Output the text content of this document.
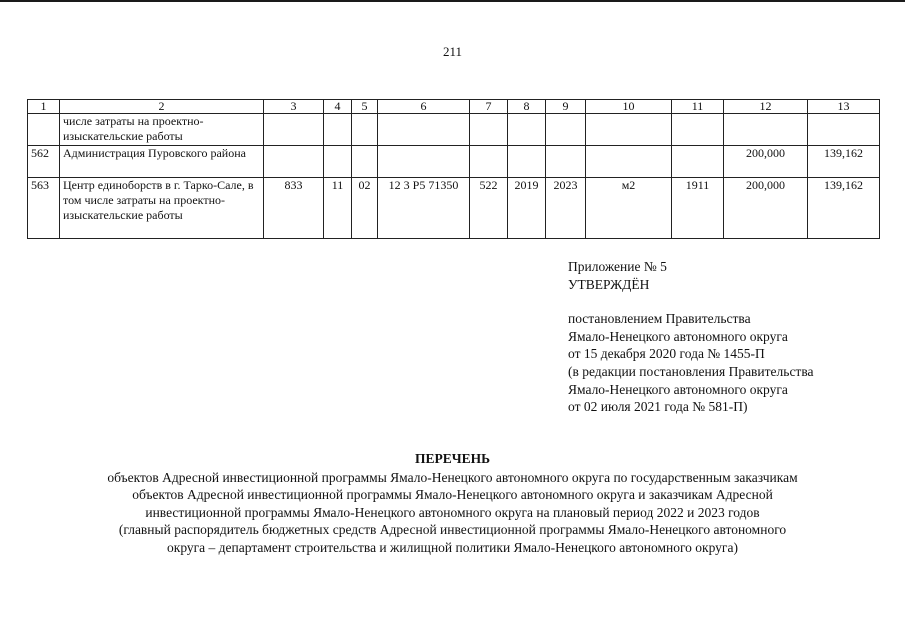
211
1	2	3	4	5	6	7	8	9	10	11	12	13
	числе затраты на проектно-изыскательские работы											
562	Администрация Пуровского района										200,000	139,162
563	Центр единоборств в г. Тарко-Сале, в том числе затраты на проектно-изыскательские работы	833	11	02	12 3 P5 71350	522	2019	2023	м2	1911	200,000	139,162
Приложение № 5
УТВЕРЖДЁН
постановлением Правительства
Ямало-Ненецкого автономного округа
от 15 декабря 2020 года № 1455-П
(в редакции постановления Правительства
Ямало-Ненецкого автономного округа
от 02 июля 2021 года № 581-П)
ПЕРЕЧЕНЬ
объектов Адресной инвестиционной программы Ямало-Ненецкого автономного округа по государственным заказчикам
объектов Адресной инвестиционной программы Ямало-Ненецкого автономного округа и заказчикам Адресной
инвестиционной программы Ямало-Ненецкого автономного округа на плановый период 2022 и 2023 годов
(главный распорядитель бюджетных средств Адресной инвестиционной программы Ямало-Ненецкого автономного
округа – департамент строительства и жилищной политики Ямало-Ненецкого автономного округа)
